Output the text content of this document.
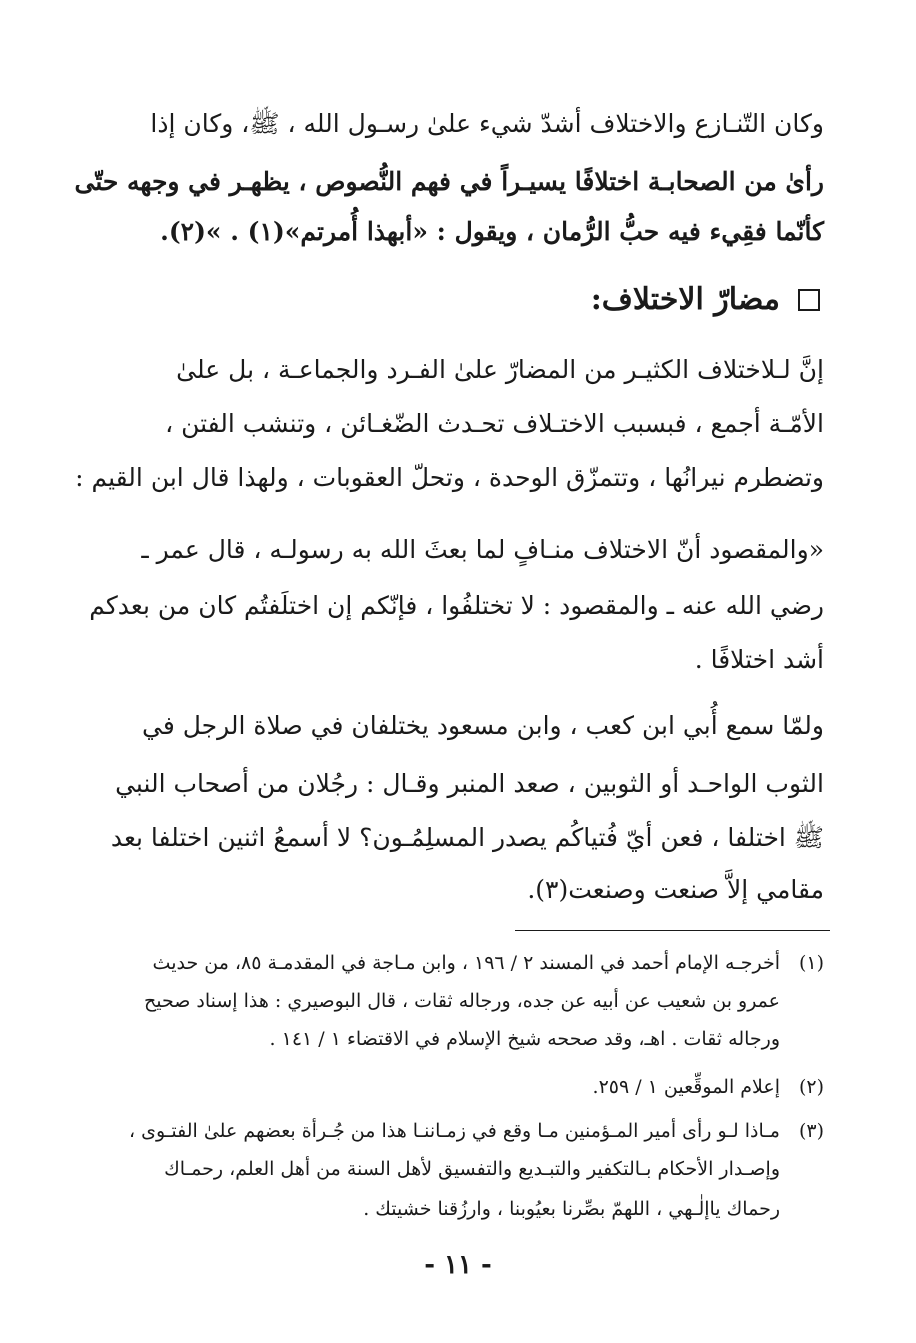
وكان التّنـازع والاختلاف أشدّ شيء علىٰ رسـول الله ، ﷺ، وكان إذا
رأىٰ من الصحابـة اختلافًا يسيـراً في فهم النُّصوص ، يظهـر في وجهه حتّى
كأنّما فقِيء فيه حبُّ الرُّمان ، ويقول : «أبهذا أُمرتم»(١) . »(٢).
مضارّ الاختلاف:
إنَّ لـلاختلاف الكثيـر من المضارّ علىٰ الفـرد والجماعـة ، بل علىٰ
الأمّـة أجمع ، فبسبب الاختـلاف تحـدث الضّغـائن ، وتنشب الفتن ،
وتضطرم نيرانُها ، وتتمزّق الوحدة ، وتحلّ العقوبات ، ولهذا قال ابن القيم :
«والمقصود أنّ الاختلاف منـافٍ لما بعثَ الله به رسولـه ، قال عمر ـ
رضي الله عنه ـ والمقصود : لا تختلفُوا ، فإنّكم إن اختلَفتُم كان من بعدكم
أشد اختلافًا .
ولمّا سمع أُبي ابن كعب ، وابن مسعود يختلفان في صلاة الرجل في
الثوب الواحـد أو الثوبين ، صعد المنبر وقـال : رجُلان من أصحاب النبي
ﷺ اختلفا ، فعن أيّ فُتياكُم يصدر المسلِمُـون؟ لا أسمعُ اثنين اختلفا بعد
مقامي إلاَّ صنعت وصنعت(٣).
(١)أخرجـه الإمام أحمد في المسند ٢ / ١٩٦ ، وابن مـاجة في المقدمـة ٨٥، من حديث
عمرو بن شعيب عن أبيه عن جده، ورجاله ثقات ، قال البوصيري : هذا إسناد صحيح
ورجاله ثقات . اهـ، وقد صححه شيخ الإسلام في الاقتضاء ١ / ١٤١ .
(٢)إعلام الموقِّعين ١ / ٢٥٩.
(٣)مـاذا لـو رأى أمير المـؤمنين مـا وقع في زمـاننـا هذا من جُـرأة بعضهم علىٰ الفتـوى ،
وإصـدار الأحكام بـالتكفير والتبـديع والتفسيق لأهل السنة من أهل العلم، رحمـاك
رحماك ياإلٰـهي ، اللهمّ بصِّرنا بعيُوبنا ، وارزُقنا خشيتك .
- ١١ -
